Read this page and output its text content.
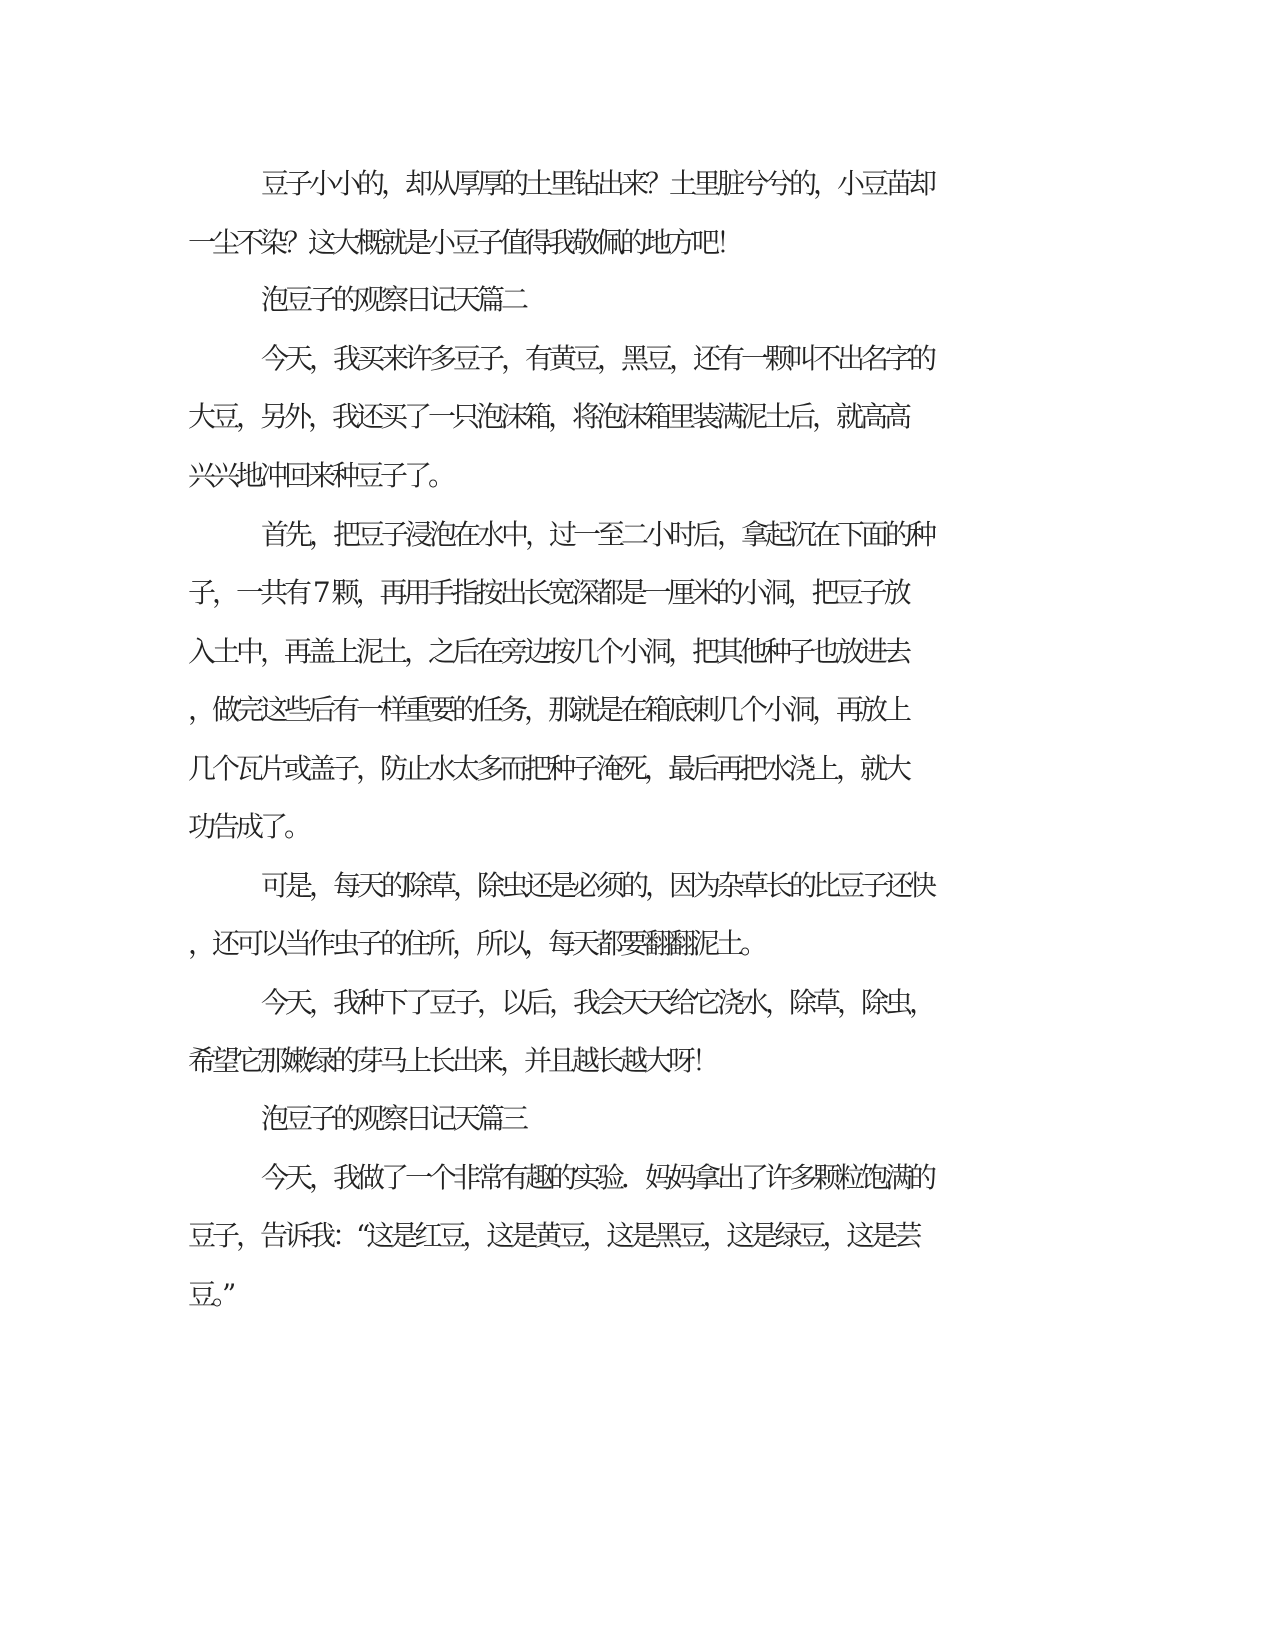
豆子小小的，却从厚厚的土里钻出来？土里脏兮兮的，小豆苗却
一尘不染？这大概就是小豆子值得我敬佩的地方吧！
泡豆子的观察日记天篇二
今天，我买来许多豆子，有黄豆，黑豆，还有一颗叫不出名字的
大豆，另外，我还买了一只泡沫箱，将泡沫箱里装满泥土后，就高高
兴兴地冲回来种豆子了。
首先，把豆子浸泡在水中，过一至二小时后，拿起沉在下面的种
子，一共有 7 颗，再用手指按出长宽深都是一厘米的小洞，把豆子放
入土中，再盖上泥土，之后在旁边按几个小洞，把其他种子也放进去
，做完这些后有一样重要的任务，那就是在箱底刺几个小洞，再放上
几个瓦片或盖子，防止水太多而把种子淹死，最后再把水浇上，就大
功告成了。
可是，每天的除草，除虫还是必须的，因为杂草长的比豆子还快
，还可以当作虫子的住所，所以，每天都要翻翻泥土。
今天，我种下了豆子，以后，我会天天给它浇水，除草，除虫，
希望它那嫩绿的芽马上长出来，并且越长越大呀！
泡豆子的观察日记天篇三
今天，我做了一个非常有趣的实验．妈妈拿出了许多颗粒饱满的
豆子，告诉我：“这是红豆，这是黄豆，这是黑豆，这是绿豆，这是芸
豆。”
